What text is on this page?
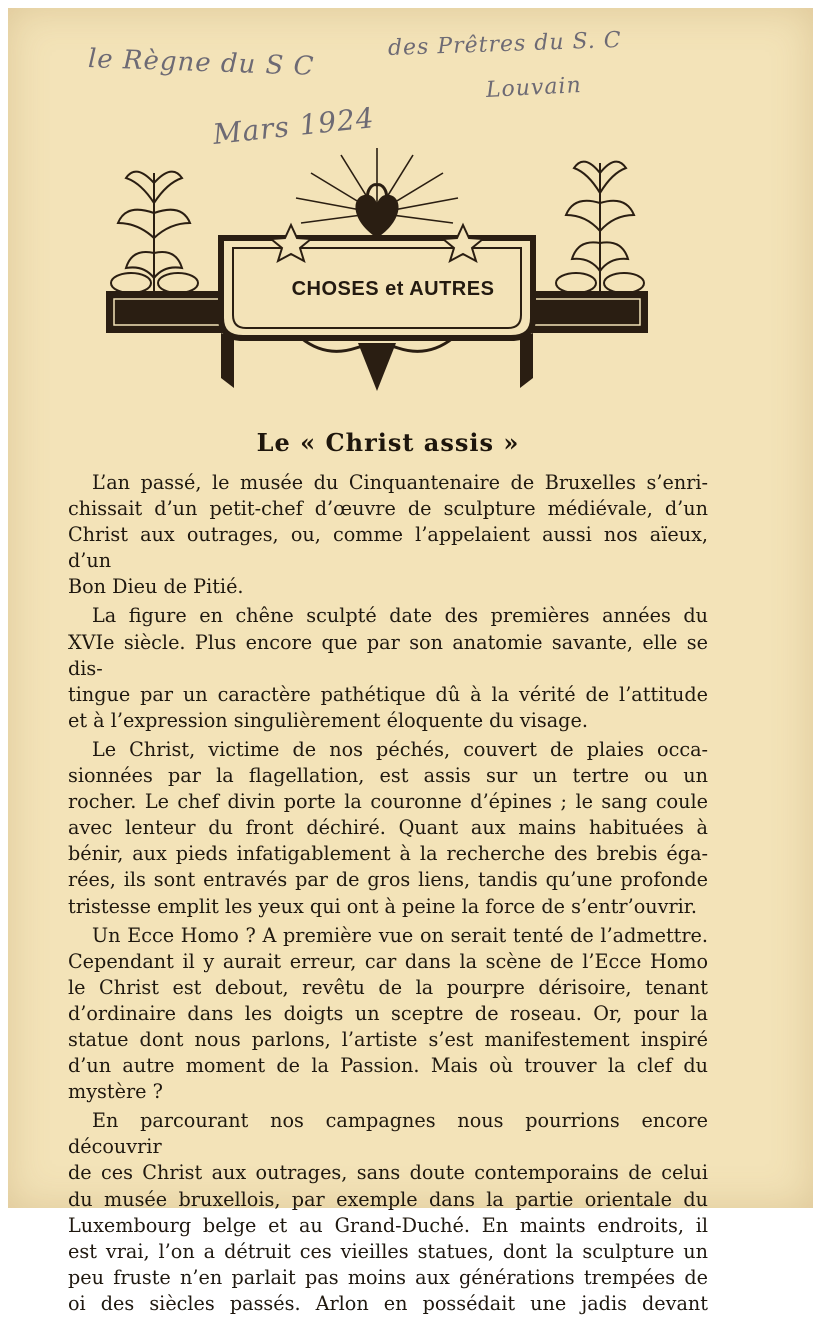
le Règne du S C	des Prêtres du S. C
Louvain
Mars 1924
CHOSES et AUTRES
Le « Christ assis »
L’an passé, le musée du Cinquantenaire de Bruxelles s’enri-
chissait d’un petit-chef d’œuvre de sculpture médiévale, d’un
Christ aux outrages, ou, comme l’appelaient aussi nos aïeux, d’un
Bon Dieu de Pitié.
La figure en chêne sculpté date des premières années du
XVIe siècle. Plus encore que par son anatomie savante, elle se dis-
tingue par un caractère pathétique dû à la vérité de l’attitude
et à l’expression singulièrement éloquente du visage.
Le Christ, victime de nos péchés, couvert de plaies occa-
sionnées par la flagellation, est assis sur un tertre ou un
rocher. Le chef divin porte la couronne d’épines ; le sang coule
avec lenteur du front déchiré. Quant aux mains habituées à
bénir, aux pieds infatigablement à la recherche des brebis éga-
rées, ils sont entravés par de gros liens, tandis qu’une profonde
tristesse emplit les yeux qui ont à peine la force de s’entr’ouvrir.
Un Ecce Homo ? A première vue on serait tenté de l’admettre.
Cependant il y aurait erreur, car dans la scène de l’Ecce Homo
le Christ est debout, revêtu de la pourpre dérisoire, tenant
d’ordinaire dans les doigts un sceptre de roseau. Or, pour la
statue dont nous parlons, l’artiste s’est manifestement inspiré
d’un autre moment de la Passion. Mais où trouver la clef du
mystère ?
En parcourant nos campagnes nous pourrions encore découvrir
de ces Christ aux outrages, sans doute contemporains de celui
du musée bruxellois, par exemple dans la partie orientale du
Luxembourg belge et au Grand-Duché. En maints endroits, il
est vrai, l’on a détruit ces vieilles statues, dont la sculpture un
peu fruste n’en parlait pas moins aux générations trempées de
oi des siècles passés. Arlon en possédait une jadis devant
